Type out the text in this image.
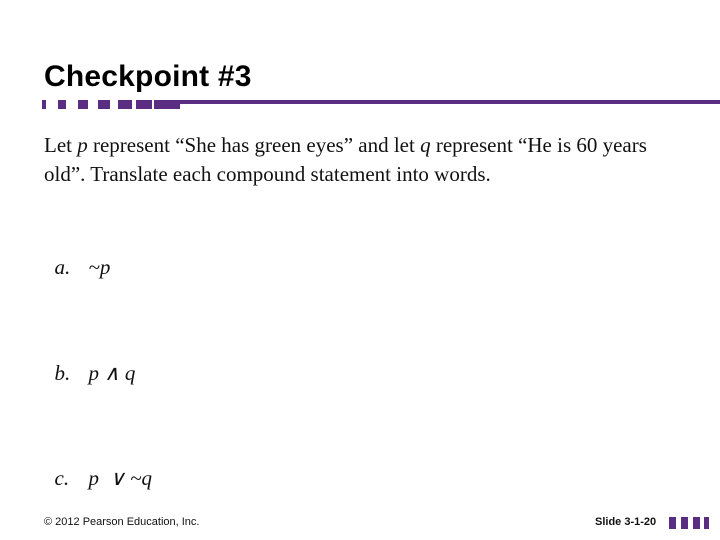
Checkpoint #3

Let p represent “She has green eyes” and let q represent “He is 60 years old”. Translate each compound statement into words.

a. ~p

b. p ∧ q

c. p  ∨ ~q

© 2012 Pearson Education, Inc.	Slide 3-1-20
